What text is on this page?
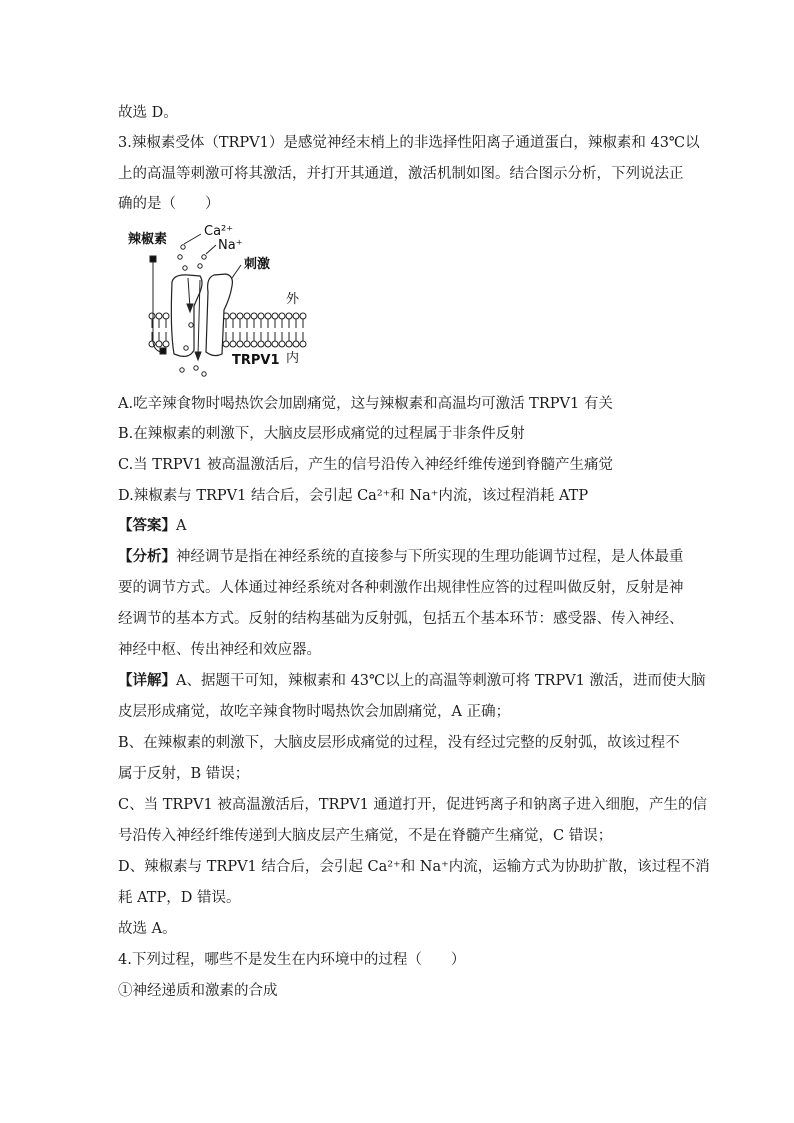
故选 D。
3.辣椒素受体（TRPV1）是感觉神经末梢上的非选择性阳离子通道蛋白，辣椒素和 43℃以
上的高温等刺激可将其激活，并打开其通道，激活机制如图。结合图示分析，下列说法正
确的是（　　）
辣椒素
Ca²⁺
Na⁺
刺激
外
TRPV1 内
A.吃辛辣食物时喝热饮会加剧痛觉，这与辣椒素和高温均可激活 TRPV1 有关
B.在辣椒素的刺激下，大脑皮层形成痛觉的过程属于非条件反射
C.当 TRPV1 被高温激活后，产生的信号沿传入神经纤维传递到脊髓产生痛觉
D.辣椒素与 TRPV1 结合后，会引起 Ca²⁺和 Na⁺内流，该过程消耗 ATP
【答案】A
【分析】神经调节是指在神经系统的直接参与下所实现的生理功能调节过程，是人体最重
要的调节方式。人体通过神经系统对各种刺激作出规律性应答的过程叫做反射，反射是神
经调节的基本方式。反射的结构基础为反射弧，包括五个基本环节：感受器、传入神经、
神经中枢、传出神经和效应器。
【详解】A、据题干可知，辣椒素和 43℃以上的高温等刺激可将 TRPV1 激活，进而使大脑
皮层形成痛觉，故吃辛辣食物时喝热饮会加剧痛觉，A 正确；
B、在辣椒素的刺激下，大脑皮层形成痛觉的过程，没有经过完整的反射弧，故该过程不
属于反射，B 错误；
C、当 TRPV1 被高温激活后，TRPV1 通道打开，促进钙离子和钠离子进入细胞，产生的信
号沿传入神经纤维传递到大脑皮层产生痛觉，不是在脊髓产生痛觉，C 错误；
D、辣椒素与 TRPV1 结合后，会引起 Ca²⁺和 Na⁺内流，运输方式为协助扩散，该过程不消
耗 ATP，D 错误。
故选 A。
4.下列过程，哪些不是发生在内环境中的过程（　　）
①神经递质和激素的合成
